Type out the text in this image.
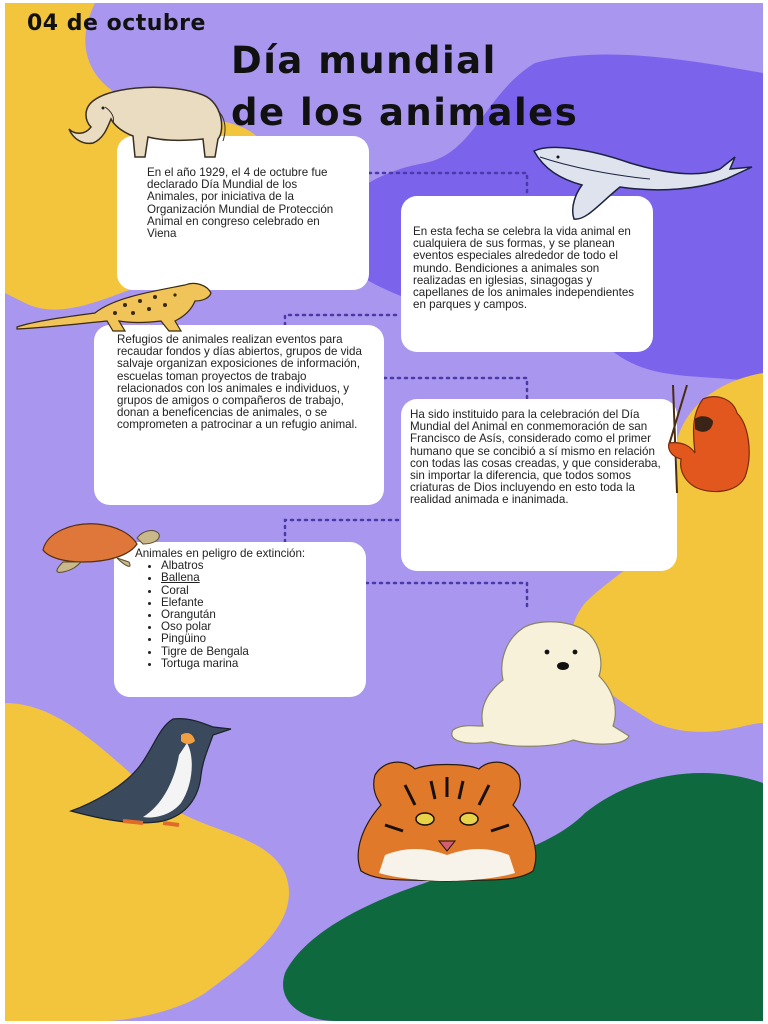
04 de octubre
Día mundial
de los animales

En el año 1929, el 4 de octubre fue declarado Día Mundial de los Animales, por iniciativa de la Organización Mundial de Protección Animal en congreso celebrado en Viena	En esta fecha se celebra la vida animal en cualquiera de sus formas, y se planean eventos especiales alrededor de todo el mundo. Bendiciones a animales son realizadas en iglesias, sinagogas y capellanes de los animales independientes en parques y campos.

Refugios de animales realizan eventos para recaudar fondos y días abiertos, grupos de vida salvaje organizan exposiciones de información, escuelas toman proyectos de trabajo relacionados con los animales e individuos, y grupos de amigos o compañeros de trabajo, donan a beneficencias de animales, o se comprometen a patrocinar a un refugio animal.

Ha sido instituido para la celebración del Día Mundial del Animal en conmemoración de san Francisco de Asís, considerado como el primer humano que se concibió a sí mismo en relación con todas las cosas creadas, y que consideraba, sin importar la diferencia, que todos somos criaturas de Dios incluyendo en esto toda la realidad animada e inanimada.

Animales en peligro de extinción:

• Albatros
• Ballena
• Coral
• Elefante
• Orangután
• Oso polar
• Pingüino
• Tigre de Bengala
• Tortuga marina
